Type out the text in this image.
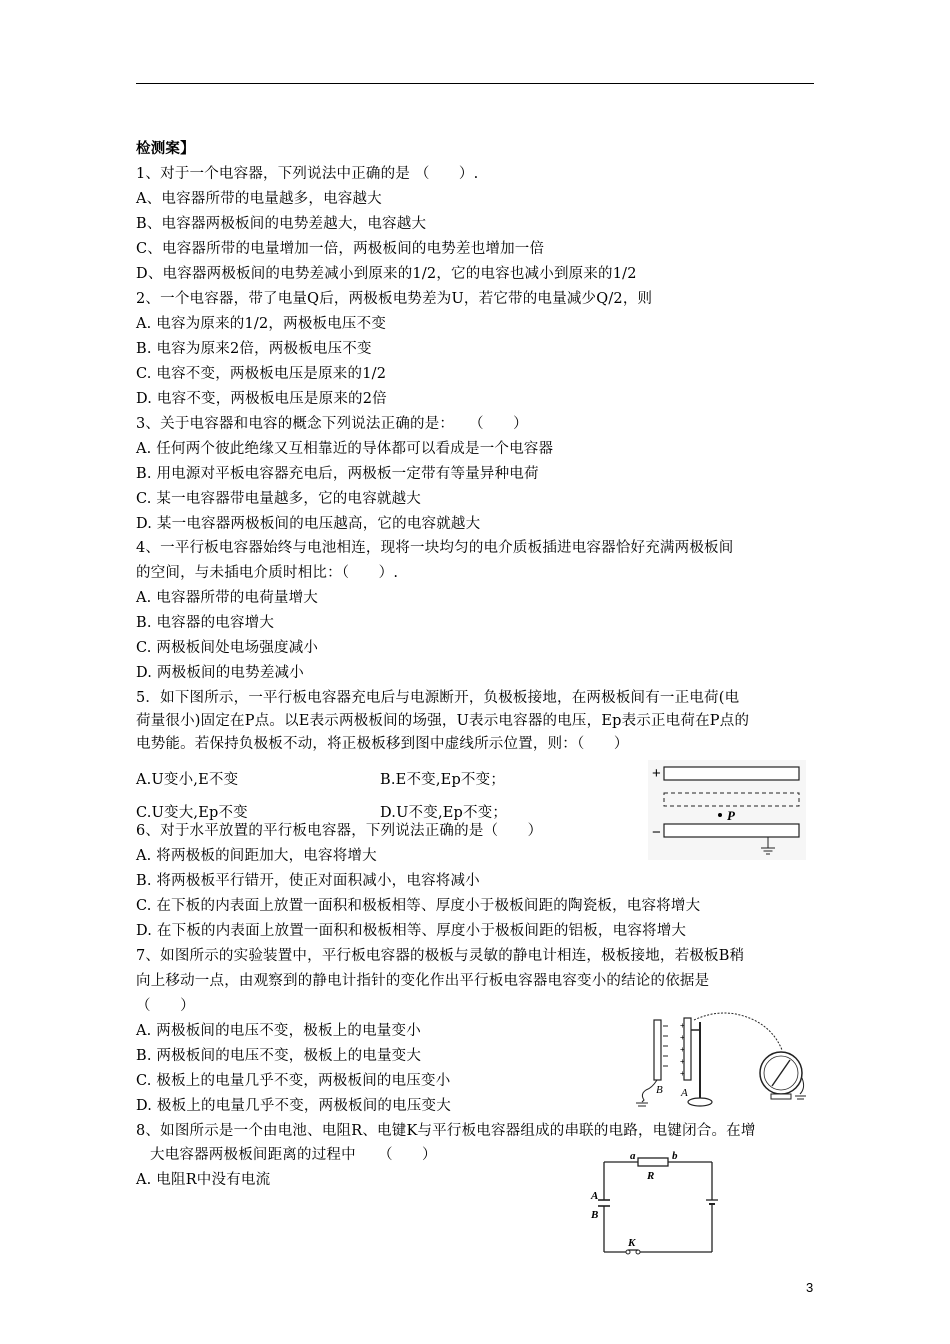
检测案】
1、对于一个电容器，下列说法中正确的是 （　　）.
A、电容器所带的电量越多，电容越大
B、电容器两极板间的电势差越大，电容越大
C、电容器所带的电量增加一倍，两极板间的电势差也增加一倍
D、电容器两极板间的电势差减小到原来的1/2，它的电容也减小到原来的1/2
2、一个电容器，带了电量Q后，两极板电势差为U，若它带的电量减少Q/2，则
A. 电容为原来的1/2，两极板电压不变
B. 电容为原来2倍，两极板电压不变
C. 电容不变，两极板电压是原来的1/2
D. 电容不变，两极板电压是原来的2倍
3、关于电容器和电容的概念下列说法正确的是：　　（　　）
A. 任何两个彼此绝缘又互相靠近的导体都可以看成是一个电容器
B. 用电源对平板电容器充电后，两极板一定带有等量异种电荷
C. 某一电容器带电量越多，它的电容就越大
D. 某一电容器两极板间的电压越高，它的电容就越大
4、一平行板电容器始终与电池相连，现将一块均匀的电介质板插进电容器恰好充满两极板间
的空间，与未插电介质时相比：（　　）.
A. 电容器所带的电荷量增大
B. 电容器的电容增大
C. 两极板间处电场强度减小
D. 两极板间的电势差减小
5．如下图所示，一平行板电容器充电后与电源断开，负极板接地，在两极板间有一正电荷(电
荷量很小)固定在P点。以E表示两极板间的场强，U表示电容器的电压，Ep表示正电荷在P点的
电势能。若保持负极板不动，将正极板移到图中虚线所示位置，则：（　　）
A.U变小,E不变	B.E不变,Ep不变；
C.U变大,Ep不变	D.U不变,Ep不变；
+
P
−
6、对于水平放置的平行板电容器，下列说法正确的是（　　）
A. 将两极板的间距加大，电容将增大
B. 将两极板平行错开，使正对面积减小，电容将减小
C. 在下板的内表面上放置一面积和极板相等、厚度小于极板间距的陶瓷板，电容将增大
D. 在下板的内表面上放置一面积和极板相等、厚度小于极板间距的铝板，电容将增大
7、如图所示的实验装置中，平行板电容器的极板与灵敏的静电计相连，极板接地，若极板B稍
向上移动一点，由观察到的静电计指针的变化作出平行板电容器电容变小的结论的依据是
（　　）
A. 两极板间的电压不变，极板上的电量变小
B. 两极板间的电压不变，极板上的电量变大
C. 极板上的电量几乎不变，两极板间的电压变小
D. 极板上的电量几乎不变，两极板间的电压变大
B
+
+
+
+
+
A
8、如图所示是一个由电池、电阻R、电键K与平行板电容器组成的串联的电路，电键闭合。在增
大电容器两极板间距离的过程中　　（　　）
A. 电阻R中没有电流
a	b
R
K
A
B
3
